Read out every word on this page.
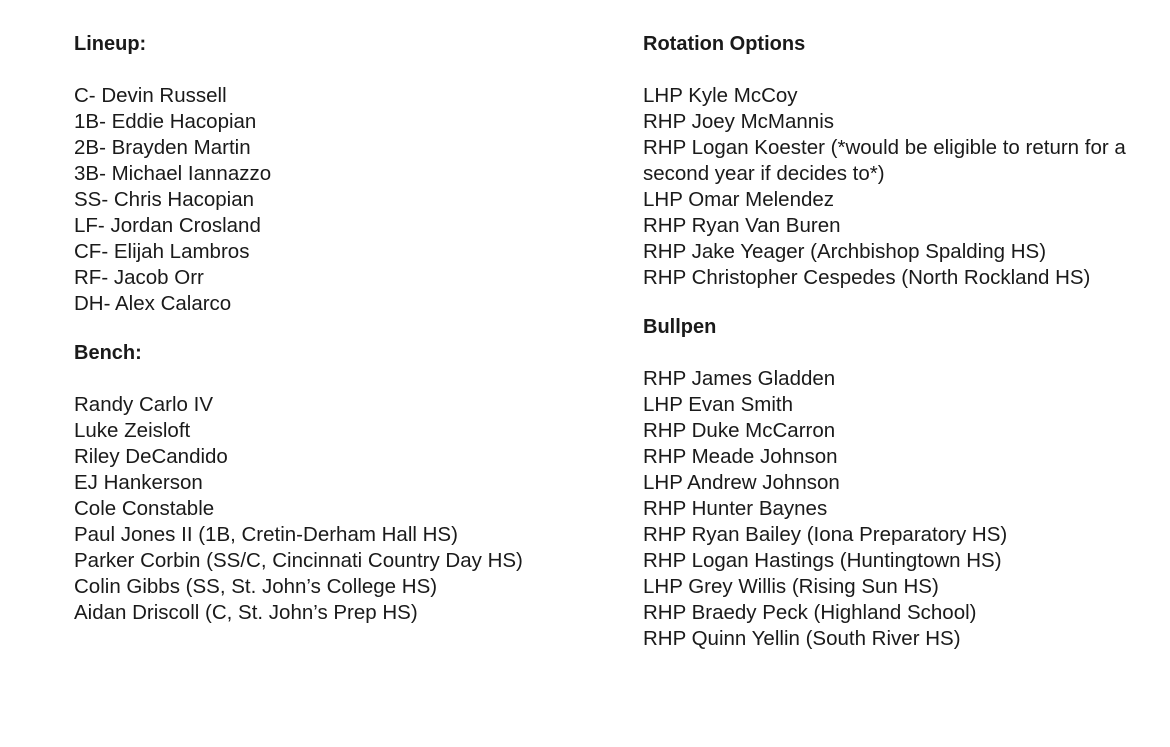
Lineup:
C- Devin Russell
1B- Eddie Hacopian
2B- Brayden Martin
3B- Michael Iannazzo
SS- Chris Hacopian
LF- Jordan Crosland
CF- Elijah Lambros
RF- Jacob Orr
DH- Alex Calarco
Bench:
Randy Carlo IV
Luke Zeisloft
Riley DeCandido
EJ Hankerson
Cole Constable
Paul Jones II (1B, Cretin-Derham Hall HS)
Parker Corbin (SS/C, Cincinnati Country Day HS)
Colin Gibbs (SS, St. John’s College HS)
Aidan Driscoll (C, St. John’s Prep HS)
Rotation Options
LHP Kyle McCoy
RHP Joey McMannis
RHP Logan Koester (*would be eligible to return for a second year if decides to*)
LHP Omar Melendez
RHP Ryan Van Buren
RHP Jake Yeager (Archbishop Spalding HS)
RHP Christopher Cespedes (North Rockland HS)
Bullpen
RHP James Gladden
LHP Evan Smith
RHP Duke McCarron
RHP Meade Johnson
LHP Andrew Johnson
RHP Hunter Baynes
RHP Ryan Bailey (Iona Preparatory HS)
RHP Logan Hastings (Huntingtown HS)
LHP Grey Willis (Rising Sun HS)
RHP Braedy Peck (Highland School)
RHP Quinn Yellin (South River HS)
